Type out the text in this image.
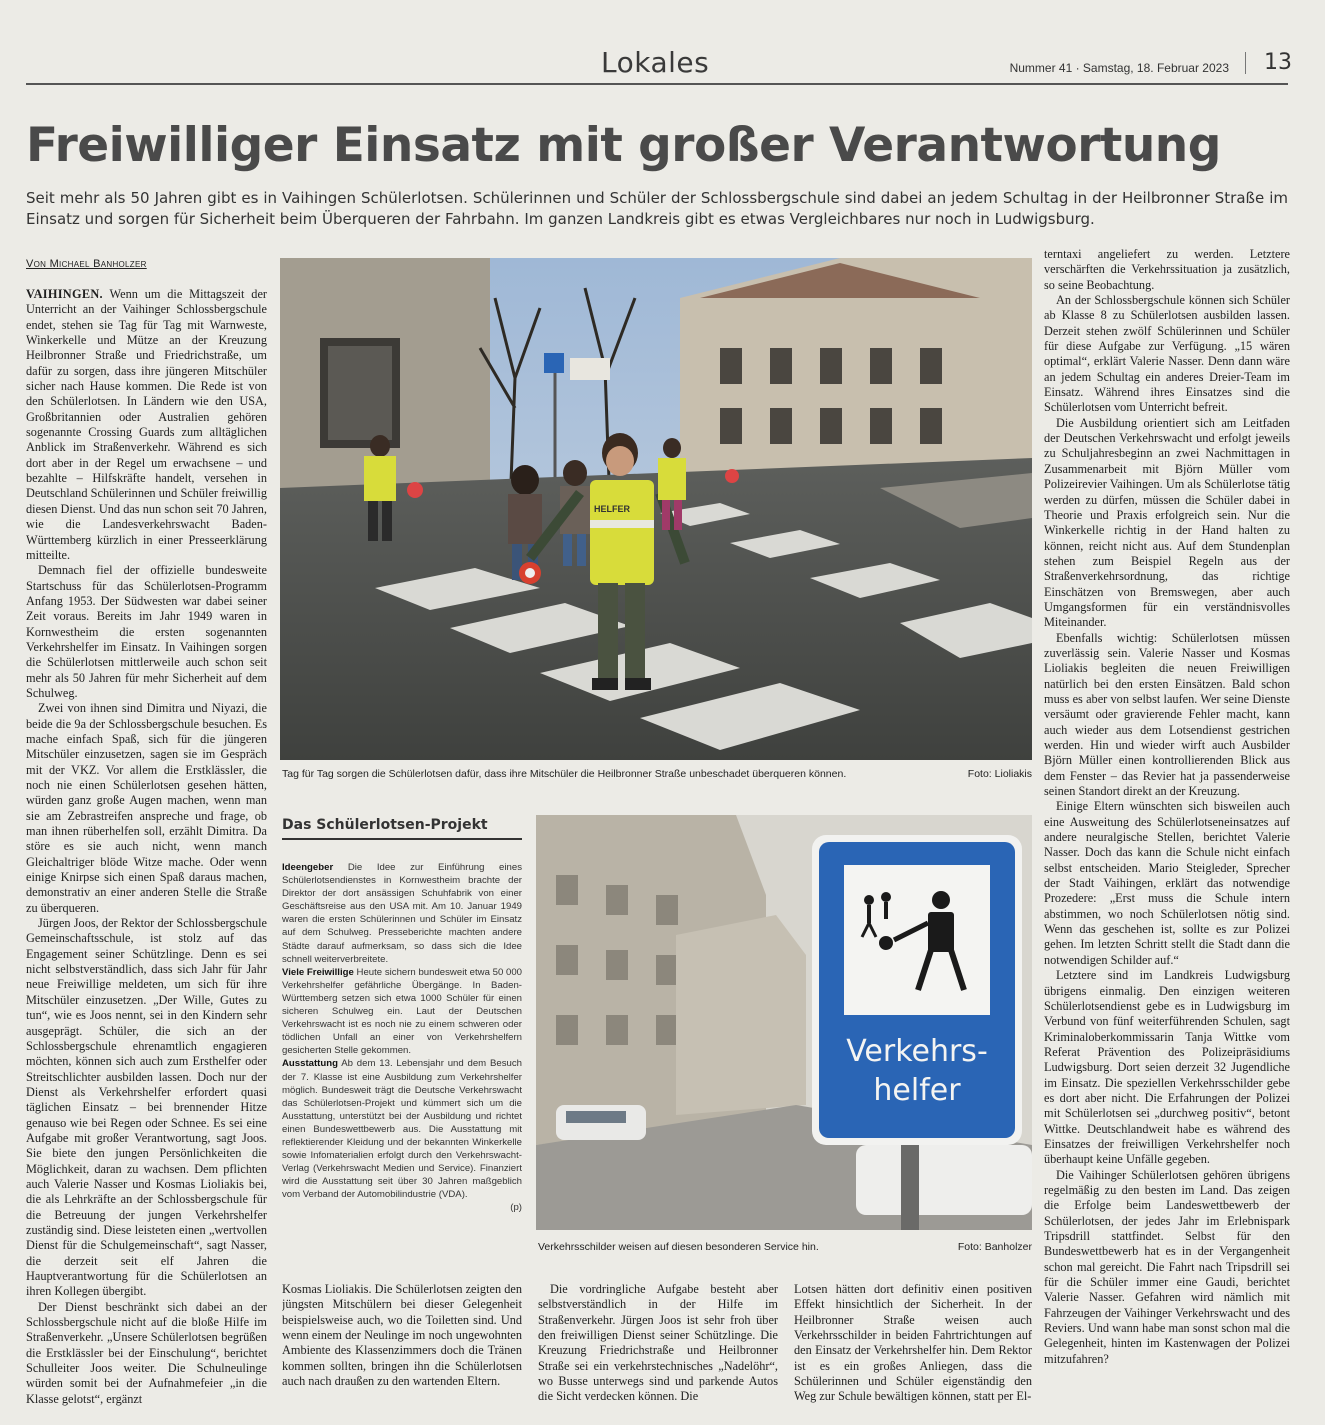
Lokales	Nummer 41 · Samstag, 18. Februar 2023 13
Freiwilliger Einsatz mit großer Verantwortung
Seit mehr als 50 Jahren gibt es in Vaihingen Schülerlotsen. Schülerinnen und Schüler der Schlossbergschule sind dabei an jedem Schultag in der Heilbronner Straße im Einsatz und sorgen für Sicherheit beim Überqueren der Fahrbahn. Im ganzen Landkreis gibt es etwas Vergleichbares nur noch in Ludwigsburg.
Von Michael Banholzer

VAIHINGEN. Wenn um die Mittagszeit der Unterricht an der Vaihinger Schlossbergschule endet, stehen sie Tag für Tag mit Warnweste, Winkerkelle und Mütze an der Kreuzung Heilbronner Straße und Friedrichstraße, um dafür zu sorgen, dass ihre jüngeren Mitschüler sicher nach Hause kommen. Die Rede ist von den Schülerlotsen. In Ländern wie den USA, Großbritannien oder Australien gehören sogenannte Crossing Guards zum alltäglichen Anblick im Straßenverkehr. Während es sich dort aber in der Regel um erwachsene – und bezahlte – Hilfskräfte handelt, versehen in Deutschland Schülerinnen und Schüler freiwillig diesen Dienst. Und das nun schon seit 70 Jahren, wie die Landesverkehrswacht Baden-Württemberg kürzlich in einer Presseerklärung mitteilte.

Demnach fiel der offizielle bundesweite Startschuss für das Schülerlotsen-Programm Anfang 1953. Der Südwesten war dabei seiner Zeit voraus. Bereits im Jahr 1949 waren in Kornwestheim die ersten sogenannten Verkehrshelfer im Einsatz. In Vaihingen sorgen die Schülerlotsen mittlerweile auch schon seit mehr als 50 Jahren für mehr Sicherheit auf dem Schulweg.

Zwei von ihnen sind Dimitra und Niyazi, die beide die 9a der Schlossbergschule besuchen. Es mache einfach Spaß, sich für die jüngeren Mitschüler einzusetzen, sagen sie im Gespräch mit der VKZ. Vor allem die Erstklässler, die noch nie einen Schülerlotsen gesehen hätten, würden ganz große Augen machen, wenn man sie am Zebrastreifen anspreche und frage, ob man ihnen rüberhelfen soll, erzählt Dimitra. Da störe es sie auch nicht, wenn manch Gleichaltriger blöde Witze mache. Oder wenn einige Knirpse sich einen Spaß daraus machen, demonstrativ an einer anderen Stelle die Straße zu überqueren.

Jürgen Joos, der Rektor der Schlossbergschule Gemeinschaftsschule, ist stolz auf das Engagement seiner Schützlinge. Denn es sei nicht selbstverständlich, dass sich Jahr für Jahr neue Freiwillige meldeten, um sich für ihre Mitschüler einzusetzen. „Der Wille, Gutes zu tun“, wie es Joos nennt, sei in den Kindern sehr ausgeprägt. Schüler, die sich an der Schlossbergschule ehrenamtlich engagieren möchten, können sich auch zum Ersthelfer oder Streitschlichter ausbilden lassen. Doch nur der Dienst als Verkehrshelfer erfordert quasi täglichen Einsatz – bei brennender Hitze genauso wie bei Regen oder Schnee. Es sei eine Aufgabe mit großer Verantwortung, sagt Joos. Sie biete den jungen Persönlichkeiten die Möglichkeit, daran zu wachsen. Dem pflichten auch Valerie Nasser und Kosmas Lioliakis bei, die als Lehrkräfte an der Schlossbergschule für die Betreuung der jungen Verkehrshelfer zuständig sind. Diese leisteten einen „wertvollen Dienst für die Schulgemeinschaft“, sagt Nasser, die derzeit seit elf Jahren die Hauptverantwortung für die Schülerlotsen an ihren Kollegen übergibt.

Der Dienst beschränkt sich dabei an der Schlossbergschule nicht auf die bloße Hilfe im Straßenverkehr. „Unsere Schülerlotsen begrüßen die Erstklässler bei der Einschulung“, berichtet Schulleiter Joos weiter. Die Schulneulinge würden somit bei der Aufnahmefeier „in die Klasse gelotst“, ergänzt

HELFER
Tag für Tag sorgen die Schülerlotsen dafür, dass ihre Mitschüler die Heilbronner Straße unbeschadet überqueren können.	Foto: Lioliakis
Das Schülerlotsen-Projekt

Ideengeber Die Idee zur Einführung eines Schülerlotsendienstes in Kornwestheim brachte der Direktor der dort ansässigen Schuhfabrik von einer Geschäftsreise aus den USA mit. Am 10. Januar 1949 waren die ersten Schülerinnen und Schüler im Einsatz auf dem Schulweg. Presseberichte machten andere Städte darauf aufmerksam, so dass sich die Idee schnell weiterverbreitete.

Viele Freiwillige Heute sichern bundesweit etwa 50 000 Verkehrshelfer gefährliche Übergänge. In Baden-Württemberg setzen sich etwa 1000 Schüler für einen sicheren Schulweg ein. Laut der Deutschen Verkehrswacht ist es noch nie zu einem schweren oder tödlichen Unfall an einer von Verkehrshelfern gesicherten Stelle gekommen.

Ausstattung Ab dem 13. Lebensjahr und dem Besuch der 7. Klasse ist eine Ausbildung zum Verkehrshelfer möglich. Bundesweit trägt die Deutsche Verkehrswacht das Schülerlotsen-Projekt und kümmert sich um die Ausstattung, unterstützt bei der Ausbildung und richtet einen Bundeswettbewerb aus. Die Ausstattung mit reflektierender Kleidung und der bekannten Winkerkelle sowie Infomaterialien erfolgt durch den Verkehrswacht-Verlag (Verkehrswacht Medien und Service). Finanziert wird die Ausstattung seit über 30 Jahren maßgeblich vom Verband der Automobilindustrie (VDA).

(p)
Verkehrs-
helfer
Verkehrsschilder weisen auf diesen besonderen Service hin.	Foto: Banholzer

Kosmas Lioliakis. Die Schülerlotsen zeigten den jüngsten Mitschülern bei dieser Gelegenheit beispielsweise auch, wo die Toiletten sind. Und wenn einem der Neulinge im noch ungewohnten Ambiente des Klassenzimmers doch die Tränen kommen sollten, bringen ihn die Schülerlotsen auch nach draußen zu den wartenden Eltern.

Die vordringliche Aufgabe besteht aber selbstverständlich in der Hilfe im Straßenverkehr. Jürgen Joos ist sehr froh über den freiwilligen Dienst seiner Schützlinge. Die Kreuzung Friedrichstraße und Heilbronner Straße sei ein verkehrstechnisches „Nadelöhr“, wo Busse unterwegs sind und parkende Autos die Sicht verdecken können. Die

Lotsen hätten dort definitiv einen positiven Effekt hinsichtlich der Sicherheit. In der Heilbronner Straße weisen auch Verkehrsschilder in beiden Fahrtrichtungen auf den Einsatz der Verkehrshelfer hin. Dem Rektor ist es ein großes Anliegen, dass die Schülerinnen und Schüler eigenständig den Weg zur Schule bewältigen können, statt per El-

terntaxi angeliefert zu werden. Letztere verschärften die Verkehrssituation ja zusätzlich, so seine Beobachtung.

An der Schlossbergschule können sich Schüler ab Klasse 8 zu Schülerlotsen ausbilden lassen. Derzeit stehen zwölf Schülerinnen und Schüler für diese Aufgabe zur Verfügung. „15 wären optimal“, erklärt Valerie Nasser. Denn dann wäre an jedem Schultag ein anderes Dreier-Team im Einsatz. Während ihres Einsatzes sind die Schülerlotsen vom Unterricht befreit.

Die Ausbildung orientiert sich am Leitfaden der Deutschen Verkehrswacht und erfolgt jeweils zu Schuljahresbeginn an zwei Nachmittagen in Zusammenarbeit mit Björn Müller vom Polizeirevier Vaihingen. Um als Schülerlotse tätig werden zu dürfen, müssen die Schüler dabei in Theorie und Praxis erfolgreich sein. Nur die Winkerkelle richtig in der Hand halten zu können, reicht nicht aus. Auf dem Stundenplan stehen zum Beispiel Regeln aus der Straßenverkehrsordnung, das richtige Einschätzen von Bremswegen, aber auch Umgangsformen für ein verständnisvolles Miteinander.

Ebenfalls wichtig: Schülerlotsen müssen zuverlässig sein. Valerie Nasser und Kosmas Lioliakis begleiten die neuen Freiwilligen natürlich bei den ersten Einsätzen. Bald schon muss es aber von selbst laufen. Wer seine Dienste versäumt oder gravierende Fehler macht, kann auch wieder aus dem Lotsendienst gestrichen werden. Hin und wieder wirft auch Ausbilder Björn Müller einen kontrollierenden Blick aus dem Fenster – das Revier hat ja passenderweise seinen Standort direkt an der Kreuzung.

Einige Eltern wünschten sich bisweilen auch eine Ausweitung des Schülerlotseneinsatzes auf andere neuralgische Stellen, berichtet Valerie Nasser. Doch das kann die Schule nicht einfach selbst entscheiden. Mario Steigleder, Sprecher der Stadt Vaihingen, erklärt das notwendige Prozedere: „Erst muss die Schule intern abstimmen, wo noch Schülerlotsen nötig sind. Wenn das geschehen ist, sollte es zur Polizei gehen. Im letzten Schritt stellt die Stadt dann die notwendigen Schilder auf.“

Letztere sind im Landkreis Ludwigsburg übrigens einmalig. Den einzigen weiteren Schülerlotsendienst gebe es in Ludwigsburg im Verbund von fünf weiterführenden Schulen, sagt Kriminaloberkommissarin Tanja Wittke vom Referat Prävention des Polizeipräsidiums Ludwigsburg. Dort seien derzeit 32 Jugendliche im Einsatz. Die speziellen Verkehrsschilder gebe es dort aber nicht. Die Erfahrungen der Polizei mit Schülerlotsen sei „durchweg positiv“, betont Wittke. Deutschlandweit habe es während des Einsatzes der freiwilligen Verkehrshelfer noch überhaupt keine Unfälle gegeben.

Die Vaihinger Schülerlotsen gehören übrigens regelmäßig zu den besten im Land. Das zeigen die Erfolge beim Landeswettbewerb der Schülerlotsen, der jedes Jahr im Erlebnispark Tripsdrill stattfindet. Selbst für den Bundeswettbewerb hat es in der Vergangenheit schon mal gereicht. Die Fahrt nach Tripsdrill sei für die Schüler immer eine Gaudi, berichtet Valerie Nasser. Gefahren wird nämlich mit Fahrzeugen der Vaihinger Verkehrswacht und des Reviers. Und wann habe man sonst schon mal die Gelegenheit, hinten im Kastenwagen der Polizei mitzufahren?
